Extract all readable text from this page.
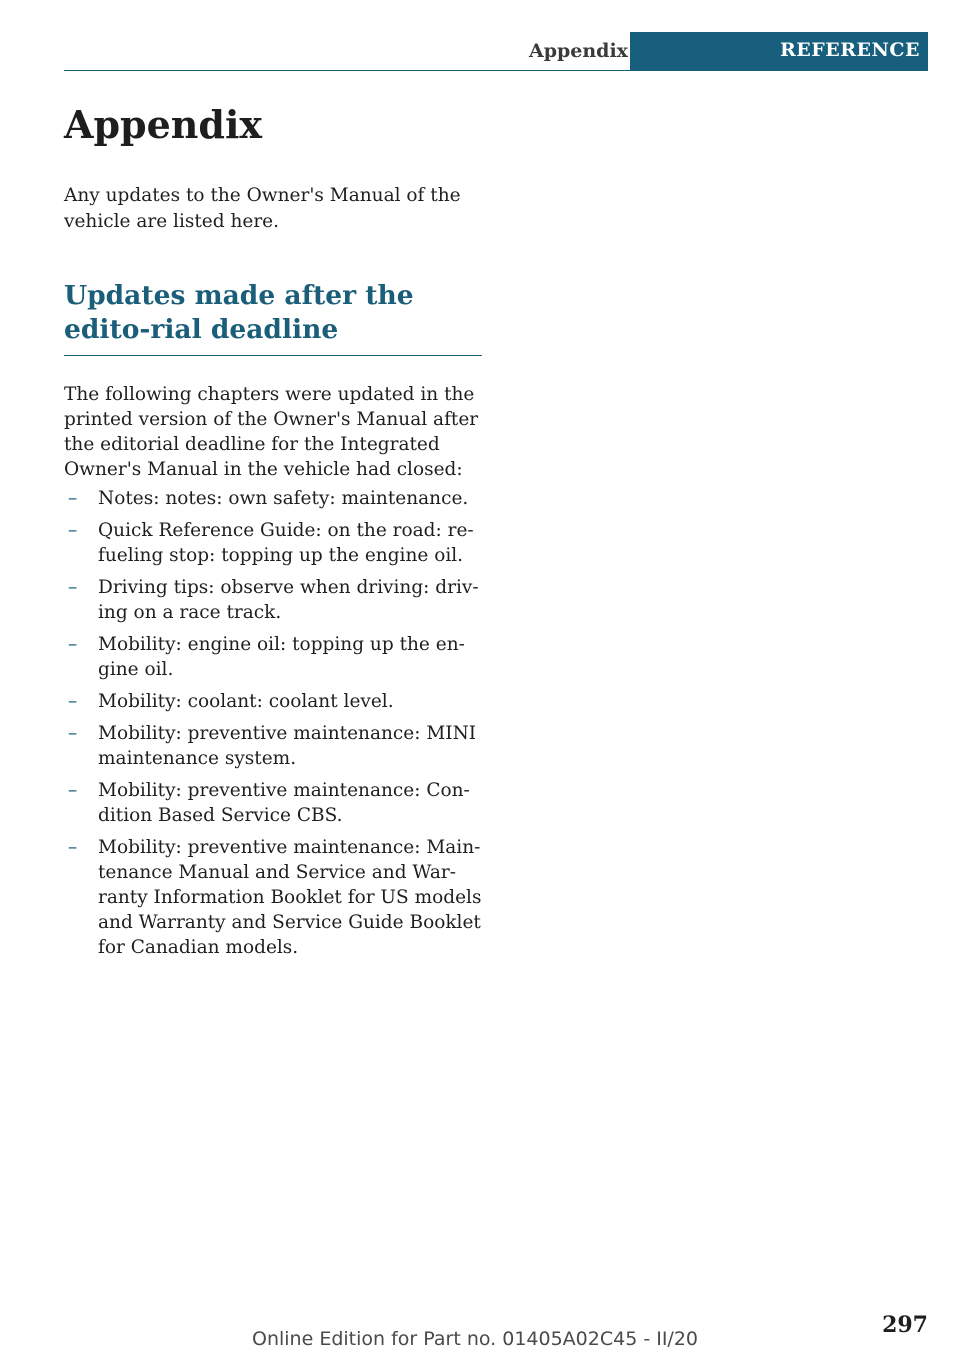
Appendix	REFERENCE
Appendix

Any updates to the Owner's Manual of the vehicle are listed here.

Updates made after the edito-rial deadline

The following chapters were updated in the printed version of the Owner's Manual after the editorial deadline for the Integrated Owner's Manual in the vehicle had closed:

– Notes: notes: own safety: maintenance.
– Quick Reference Guide: on the road: re-fueling stop: topping up the engine oil.
– Driving tips: observe when driving: driv-ing on a race track.
– Mobility: engine oil: topping up the en-gine oil.
– Mobility: coolant: coolant level.
– Mobility: preventive maintenance: MINI maintenance system.
– Mobility: preventive maintenance: Con-dition Based Service CBS.
– Mobility: preventive maintenance: Main-tenance Manual and Service and War-ranty Information Booklet for US models and Warranty and Service Guide Booklet for Canadian models.
297
Online Edition for Part no. 01405A02C45 - II/20
